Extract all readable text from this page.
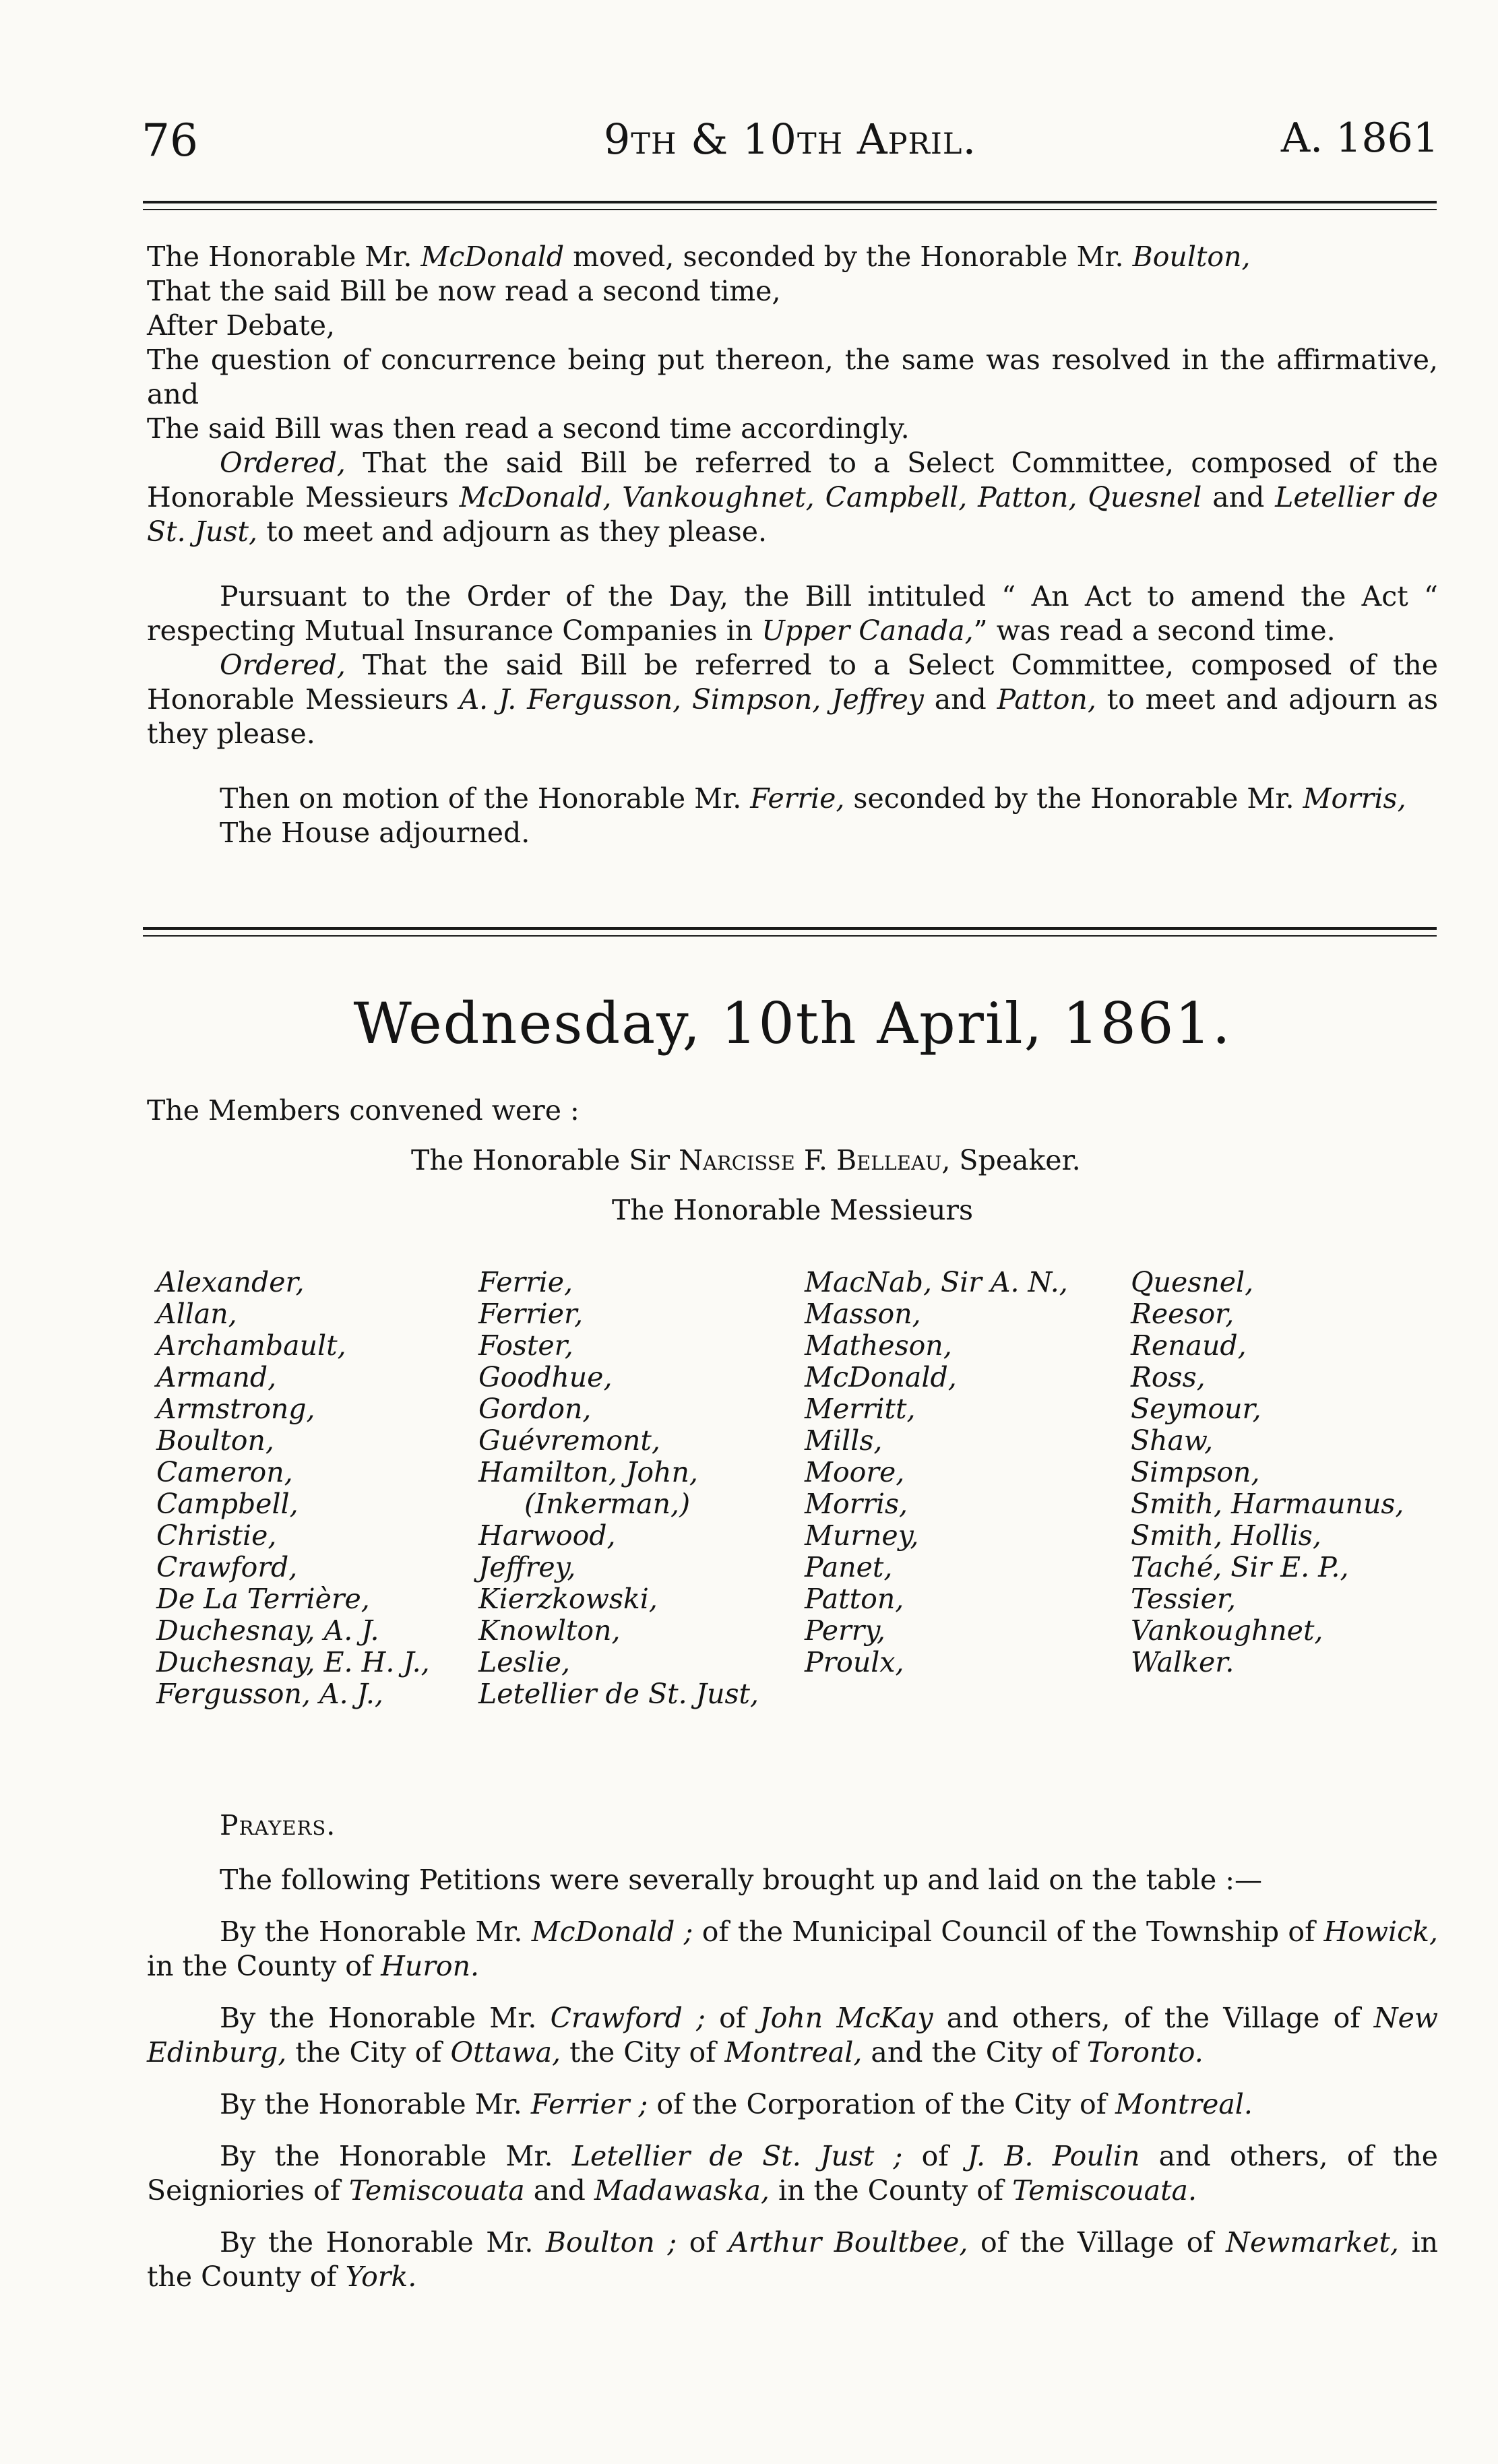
76	9th & 10th April.	A. 1861

The Honorable Mr. McDonald moved, seconded by the Honorable Mr. Boulton,

That the said Bill be now read a second time,

After Debate,

The question of concurrence being put thereon, the same was resolved in the affirmative, and

The said Bill was then read a second time accordingly.

Ordered, That the said Bill be referred to a Select Committee, composed of the Honorable Messieurs McDonald, Vankoughnet, Campbell, Patton, Quesnel and Letellier de St. Just, to meet and adjourn as they please.

Pursuant to the Order of the Day, the Bill intituled “ An Act to amend the Act “ respecting Mutual Insurance Companies in Upper Canada,” was read a second time.

Ordered, That the said Bill be referred to a Select Committee, composed of the Honorable Messieurs A. J. Fergusson, Simpson, Jeffrey and Patton, to meet and adjourn as they please.

Then on motion of the Honorable Mr. Ferrie, seconded by the Honorable Mr. Morris,

The House adjourned.

Wednesday, 10th April, 1861.
The Members convened were :
The Honorable Sir Narcisse F. Belleau, Speaker.
The Honorable Messieurs
Alexander,
Allan,
Archambault,
Armand,
Armstrong,
Boulton,
Cameron,
Campbell,
Christie,
Crawford,
De La Terrière,
Duchesnay, A. J.
Duchesnay, E. H. J.,
Fergusson, A. J.,
Ferrie,
Ferrier,
Foster,
Goodhue,
Gordon,
Guévremont,
Hamilton, John,
(Inkerman,)
Harwood,
Jeffrey,
Kierzkowski,
Knowlton,
Leslie,
Letellier de St. Just,
MacNab, Sir A. N.,
Masson,
Matheson,
McDonald,
Merritt,
Mills,
Moore,
Morris,
Murney,
Panet,
Patton,
Perry,
Proulx,
Quesnel,
Reesor,
Renaud,
Ross,
Seymour,
Shaw,
Simpson,
Smith, Harmaunus,
Smith, Hollis,
Taché, Sir E. P.,
Tessier,
Vankoughnet,
Walker.

Prayers.

The following Petitions were severally brought up and laid on the table :—

By the Honorable Mr. McDonald ; of the Municipal Council of the Township of Howick, in the County of Huron.

By the Honorable Mr. Crawford ; of John McKay and others, of the Village of New Edinburg, the City of Ottawa, the City of Montreal, and the City of Toronto.

By the Honorable Mr. Ferrier ; of the Corporation of the City of Montreal.

By the Honorable Mr. Letellier de St. Just ; of J. B. Poulin and others, of the Seigniories of Temiscouata and Madawaska, in the County of Temiscouata.

By the Honorable Mr. Boulton ; of Arthur Boultbee, of the Village of Newmarket, in the County of York.
